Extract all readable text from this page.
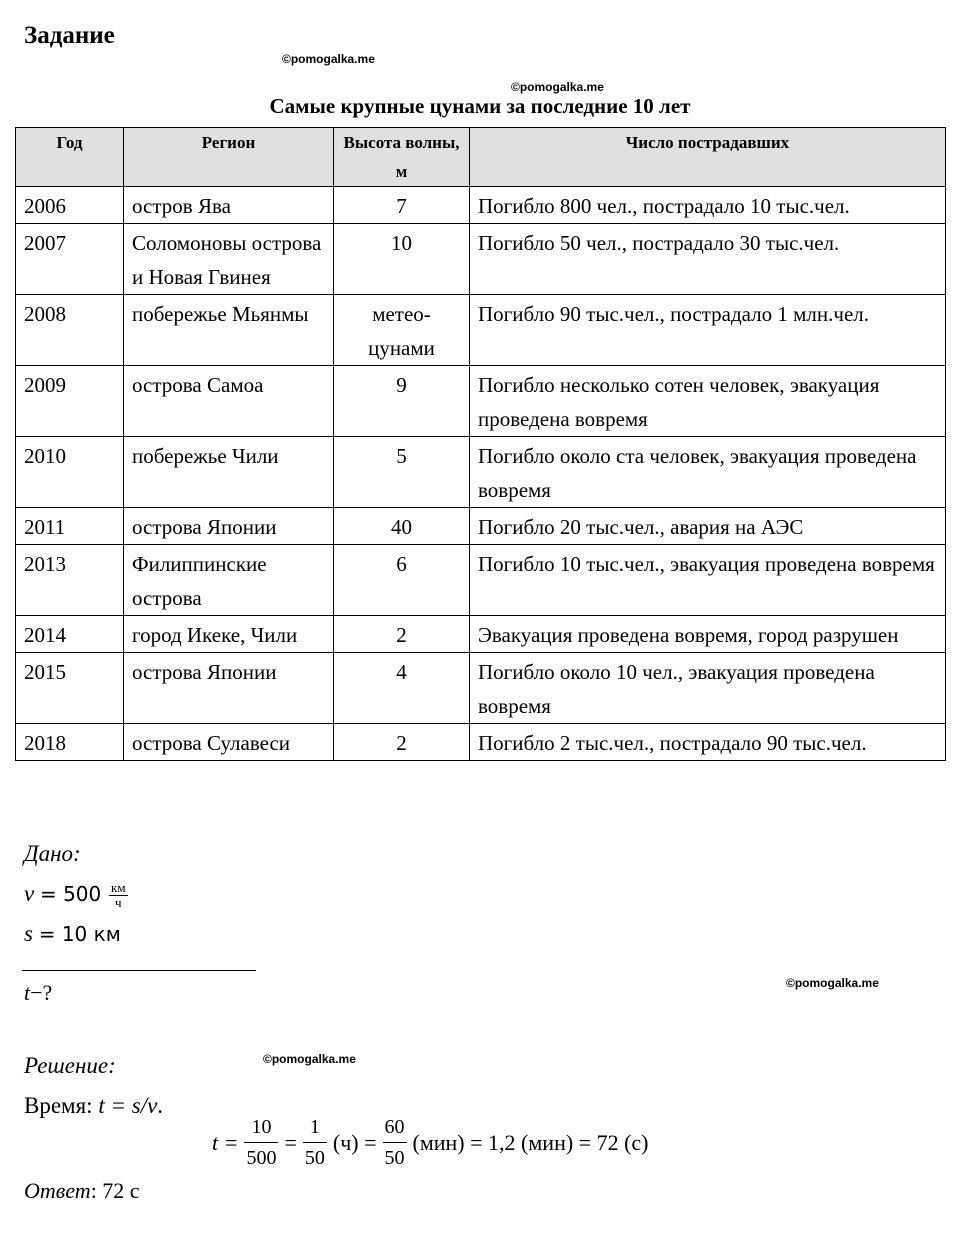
Задание
©pomogalka.me
©pomogalka.me
Самые крупные цунами за последние 10 лет
Год	Регион	Высота волны, м	Число пострадавших
2006	остров Ява	7	Погибло 800 чел., пострадало 10 тыс.чел.
2007	Соломоновы острова и Новая Гвинея	10	Погибло 50 чел., пострадало 30 тыс.чел.
2008	побережье Мьянмы	метео-цунами	Погибло 90 тыс.чел., пострадало 1 млн.чел.
2009	острова Самоа	9	Погибло несколько сотен человек, эвакуация проведена вовремя
2010	побережье Чили	5	Погибло около ста человек, эвакуация проведена вовремя
2011	острова Японии	40	Погибло 20 тыс.чел., авария на АЭС
2013	Филиппинские острова	6	Погибло 10 тыс.чел., эвакуация проведена вовремя
2014	город Икеке, Чили	2	Эвакуация проведена вовремя, город разрушен
2015	острова Японии	4	Погибло около 10 чел., эвакуация проведена вовремя
2018	острова Сулавеси	2	Погибло 2 тыс.чел., пострадало 90 тыс.чел.
Дано:
$v = 500 \frac{км}{ч}$
s = 10 км
t−?	©pomogalka.me
Решение:
Время: t = s/v.
©pomogalka.me
$t = \frac{10}{500} = \frac{1}{50} (ч) = \frac{60}{50} (мин) = 1,2$ (мин) = 72 (с)
Ответ: 72 с
